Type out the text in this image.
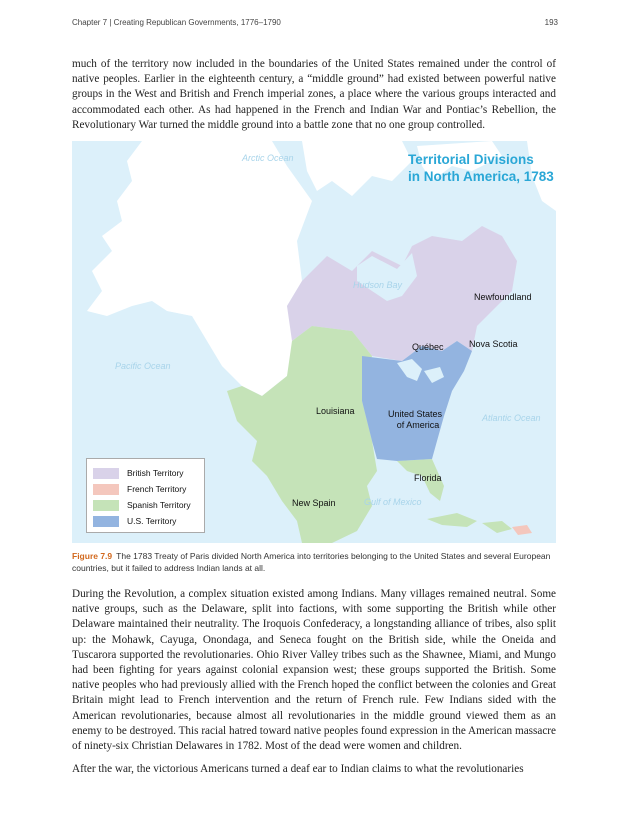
Chapter 7 | Creating Republican Governments, 1776–1790	193

much of the territory now included in the boundaries of the United States remained under the control of native peoples. Earlier in the eighteenth century, a “middle ground” had existed between powerful native groups in the West and British and French imperial zones, a place where the various groups interacted and accommodated each other. As had happened in the French and Indian War and Pontiac’s Rebellion, the Revolutionary War turned the middle ground into a battle zone that no one group controlled.

Territorial Divisions
in North America, 1783
Arctic Ocean
Hudson Bay
Pacific Ocean
Atlantic Ocean
Gulf of Mexico
Newfoundland
Québec	Nova Scotia
Louisiana	United States
of America
Florida
New Spain
British Territory
French Territory
Spanish Territory
U.S. Territory

Figure 7.9 The 1783 Treaty of Paris divided North America into territories belonging to the United States and several European countries, but it failed to address Indian lands at all.

During the Revolution, a complex situation existed among Indians. Many villages remained neutral. Some native groups, such as the Delaware, split into factions, with some supporting the British while other Delaware maintained their neutrality. The Iroquois Confederacy, a longstanding alliance of tribes, also split up: the Mohawk, Cayuga, Onondaga, and Seneca fought on the British side, while the Oneida and Tuscarora supported the revolutionaries. Ohio River Valley tribes such as the Shawnee, Miami, and Mungo had been fighting for years against colonial expansion west; these groups supported the British. Some native peoples who had previously allied with the French hoped the conflict between the colonies and Great Britain might lead to French intervention and the return of French rule. Few Indians sided with the American revolutionaries, because almost all revolutionaries in the middle ground viewed them as an enemy to be destroyed. This racial hatred toward native peoples found expression in the American massacre of ninety-six Christian Delawares in 1782. Most of the dead were women and children.

After the war, the victorious Americans turned a deaf ear to Indian claims to what the revolutionaries
